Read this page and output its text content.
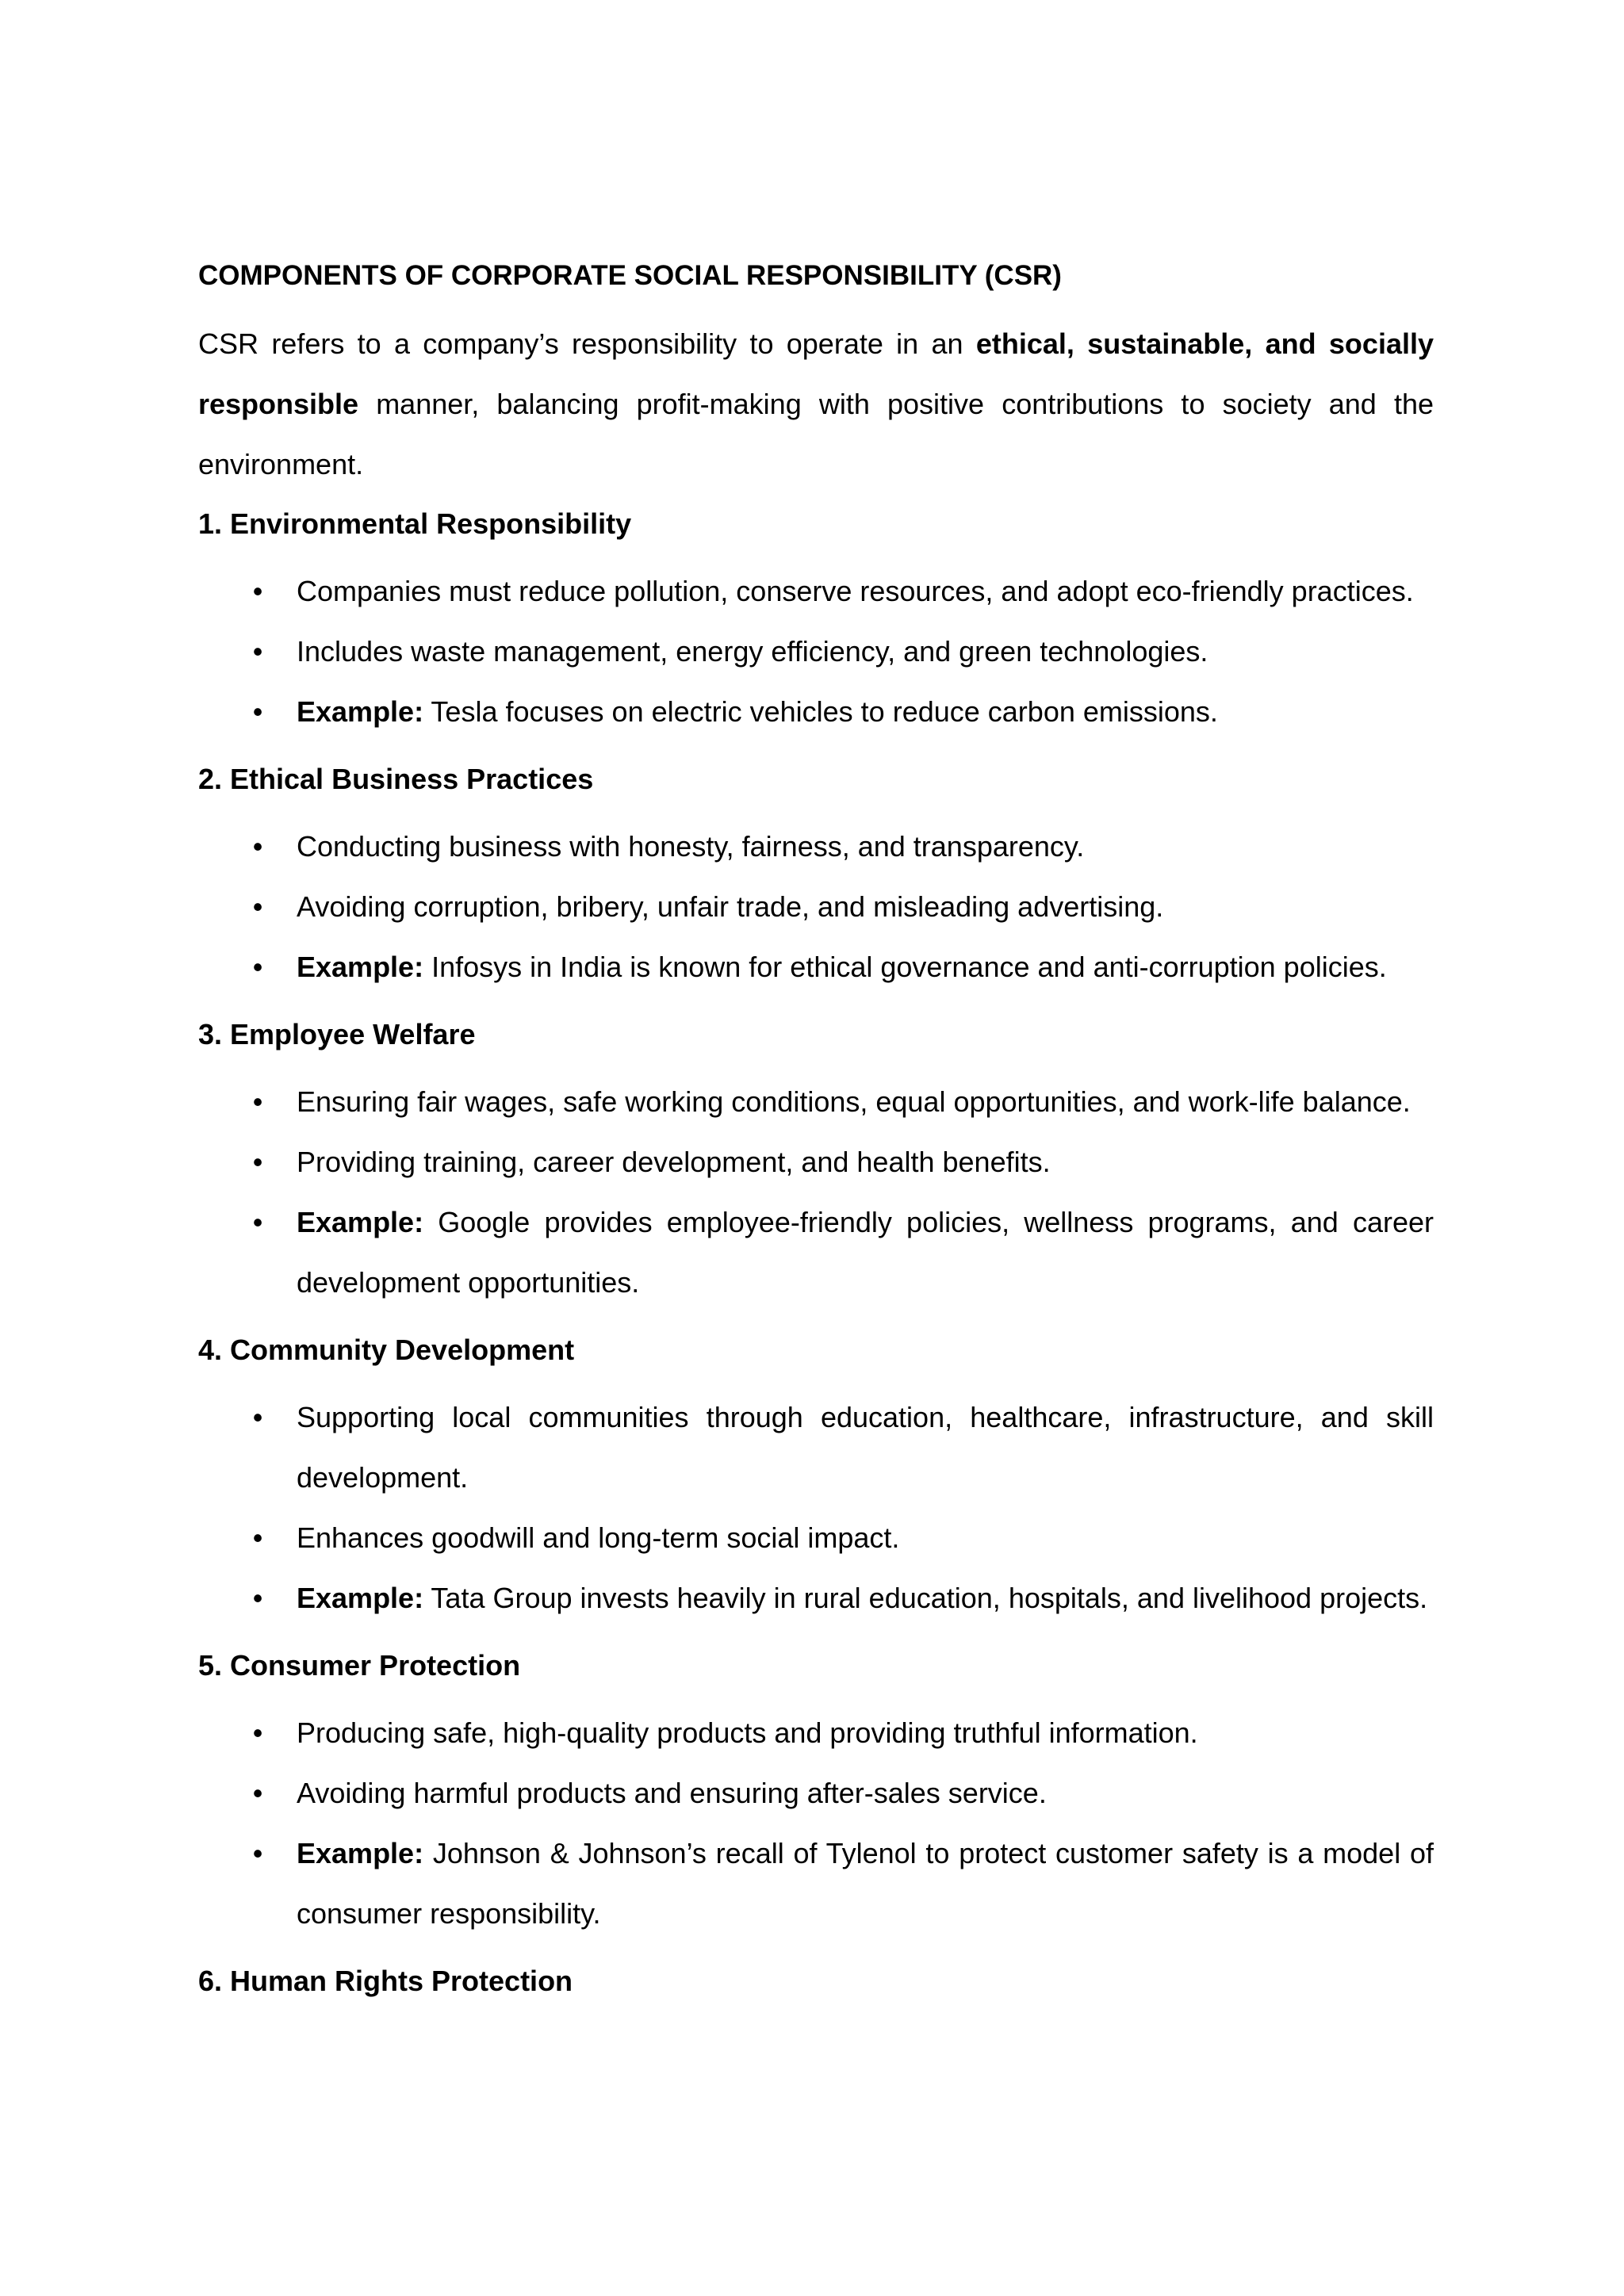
COMPONENTS OF CORPORATE SOCIAL RESPONSIBILITY (CSR)

CSR refers to a company’s responsibility to operate in an ethical, sustainable, and socially responsible manner, balancing profit-making with positive contributions to society and the environment.

1. Environmental Responsibility
• Companies must reduce pollution, conserve resources, and adopt eco-friendly practices.
• Includes waste management, energy efficiency, and green technologies.
• Example: Tesla focuses on electric vehicles to reduce carbon emissions.
2. Ethical Business Practices
• Conducting business with honesty, fairness, and transparency.
• Avoiding corruption, bribery, unfair trade, and misleading advertising.
• Example: Infosys in India is known for ethical governance and anti-corruption policies.
3. Employee Welfare
• Ensuring fair wages, safe working conditions, equal opportunities, and work-life balance.
• Providing training, career development, and health benefits.
• Example: Google provides employee-friendly policies, wellness programs, and career development opportunities.
4. Community Development
• Supporting local communities through education, healthcare, infrastructure, and skill development.
• Enhances goodwill and long-term social impact.
• Example: Tata Group invests heavily in rural education, hospitals, and livelihood projects.
5. Consumer Protection
• Producing safe, high-quality products and providing truthful information.
• Avoiding harmful products and ensuring after-sales service.
• Example: Johnson & Johnson’s recall of Tylenol to protect customer safety is a model of consumer responsibility.
6. Human Rights Protection
